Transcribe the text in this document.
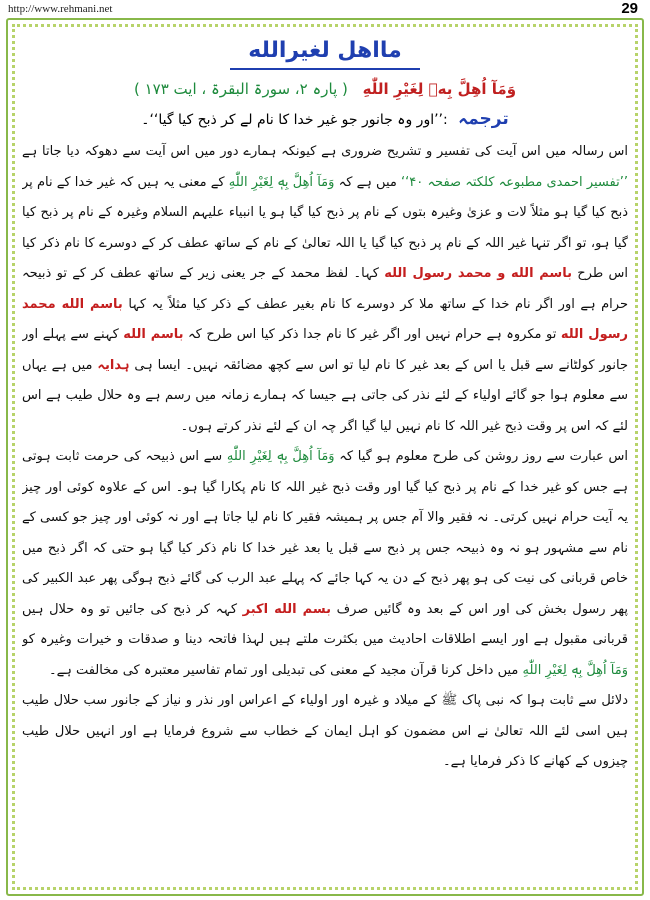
http://www.rehmani.net	29
مااهل لغيرالله
وَمَآ اُهِلَّ بِهٖ لِغَيْرِ اللّٰهِ ( پارہ ۲، سورۃ البقرۃ ، ایت ۱۷۳ )
ترجمہ :’’اور وہ جانور جو غیر خدا کا نام لے کر ذبح کیا گیا‘‘۔

اس رسالہ میں اس آیت کی تفسیر و تشریح ضروری ہے کیونکہ ہمارے دور میں اس آیت سے دھوکہ دیا جاتا ہے ’’تفسیر احمدی مطبوعہ کلکتہ صفحہ ۴۰‘‘ میں ہے کہ وَمَآ اُهِلَّ بِهٖ لِغَيْرِ اللّٰهِ کے معنی یہ ہیں کہ غیر خدا کے نام پر ذبح کیا گیا ہو مثلاً لات و عزیٰ وغیرہ بتوں کے نام پر ذبح کیا گیا ہو یا انبیاء علیہم السلام وغیرہ کے نام پر ذبح کیا گیا ہو، تو اگر تنہا غیر اللہ کے نام پر ذبح کیا گیا یا اللہ تعالیٰ کے نام کے ساتھ عطف کر کے دوسرے کا نام ذکر کیا اس طرح باسم الله و محمد رسول الله کہا۔ لفظ محمد کے جر یعنی زیر کے ساتھ عطف کر کے تو ذبیحہ حرام ہے اور اگر نام خدا کے ساتھ ملا کر دوسرے کا نام بغیر عطف کے ذکر کیا مثلاً یہ کہا باسم الله محمد رسول الله تو مکروہ ہے حرام نہیں اور اگر غیر کا نام جدا ذکر کیا اس طرح کہ باسم الله کہنے سے پہلے اور جانور کولٹانے سے قبل یا اس کے بعد غیر کا نام لیا تو اس سے کچھ مضائقہ نہیں۔ ایسا ہی ہدایہ میں ہے یہاں سے معلوم ہوا جو گائے اولیاء کے لئے نذر کی جاتی ہے جیسا کہ ہمارے زمانہ میں رسم ہے وہ حلال طیب ہے اس لئے کہ اس پر وقت ذبح غیر اللہ کا نام نہیں لیا گیا اگر چہ ان کے لئے نذر کرتے ہوں۔

اس عبارت سے روز روشن کی طرح معلوم ہو گیا کہ وَمَآ اُهِلَّ بِهٖ لِغَيْرِ اللّٰهِ سے اس ذبیحہ کی حرمت ثابت ہوتی ہے جس کو غیر خدا کے نام پر ذبح کیا گیا اور وقت ذبح غیر اللہ کا نام پکارا گیا ہو۔ اس کے علاوہ کوئی اور چیز یہ آیت حرام نہیں کرتی۔ نہ فقیر والا آم جس پر ہمیشہ فقیر کا نام لیا جاتا ہے اور نہ کوئی اور چیز جو کسی کے نام سے مشہور ہو نہ وہ ذبیحہ جس پر ذبح سے قبل یا بعد غیر خدا کا نام ذکر کیا گیا ہو حتی کہ اگر ذبح میں خاص قربانی کی نیت کی ہو پھر ذبح کے دن یہ کہا جائے کہ پہلے عبد الرب کی گائے ذبح ہوگی پھر عبد الکبیر کی پھر رسول بخش کی اور اس کے بعد وہ گائیں صرف بسم الله اکبر کہہ کر ذبح کی جائیں تو وہ حلال ہیں قربانی مقبول ہے اور ایسے اطلاقات احادیث میں بکثرت ملتے ہیں لہذا فاتحہ دینا و صدقات و خیرات وغیرہ کو وَمَآ اُهِلَّ بِهٖ لِغَيْرِ اللّٰهِ میں داخل کرنا قرآن مجید کے معنی کی تبدیلی اور تمام تفاسیر معتبرہ کی مخالفت ہے۔

دلائل سے ثابت ہوا کہ نبی پاک ﷺ کے میلاد و غیرہ اور اولیاء کے اعراس اور نذر و نیاز کے جانور سب حلال طیب ہیں اسی لئے اللہ تعالیٰ نے اس مضمون کو اہل ایمان کے خطاب سے شروع فرمایا ہے اور انہیں حلال طیب چیزوں کے کھانے کا ذکر فرمایا ہے۔
